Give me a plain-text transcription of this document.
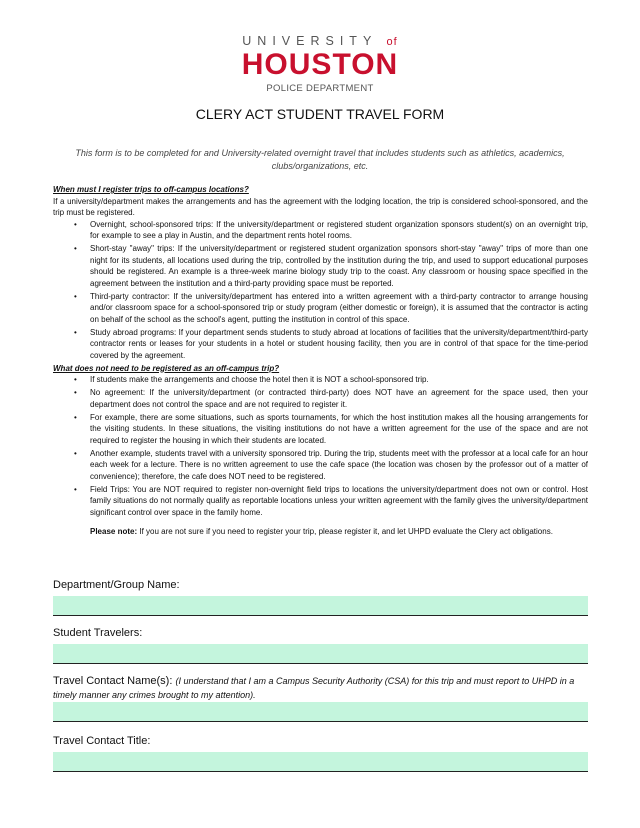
UNIVERSITY of
HOUSTON
POLICE DEPARTMENT
CLERY ACT STUDENT TRAVEL FORM
This form is to be completed for and University-related overnight travel that includes students such as athletics, academics, clubs/organizations, etc.
When must I register trips to off-campus locations?

If a university/department makes the arrangements and has the agreement with the lodging location, the trip is considered school-sponsored, and the trip must be registered.

• Overnight, school-sponsored trips: If the university/department or registered student organization sponsors student(s) on an overnight trip, for example to see a play in Austin, and the department rents hotel rooms.
• Short-stay "away" trips: If the university/department or registered student organization sponsors short-stay "away" trips of more than one night for its students, all locations used during the trip, controlled by the institution during the trip, and used to support educational purposes should be registered. An example is a three-week marine biology study trip to the coast. Any classroom or housing space specified in the agreement between the institution and a third-party providing space must be reported.
• Third-party contractor: If the university/department has entered into a written agreement with a third-party contractor to arrange housing and/or classroom space for a school-sponsored trip or study program (either domestic or foreign), it is assumed that the contractor is acting on behalf of the school as the school's agent, putting the institution in control of this space.
• Study abroad programs: If your department sends students to study abroad at locations of facilities that the university/department/third-party contractor rents or leases for your students in a hotel or student housing facility, then you are in control of that space for the time-period covered by the agreement.
What does not need to be registered as an off-campus trip?
• If students make the arrangements and choose the hotel then it is NOT a school-sponsored trip.
• No agreement: If the university/department (or contracted third-party) does NOT have an agreement for the space used, then your department does not control the space and are not required to register it.
• For example, there are some situations, such as sports tournaments, for which the host institution makes all the housing arrangements for the visiting students. In these situations, the visiting institutions do not have a written agreement for the use of the space and are not required to register the housing in which their students are located.
• Another example, students travel with a university sponsored trip. During the trip, students meet with the professor at a local cafe for an hour each week for a lecture. There is no written agreement to use the cafe space (the location was chosen by the professor out of a matter of convenience); therefore, the cafe does NOT need to be registered.
• Field Trips: You are NOT required to register non-overnight field trips to locations the university/department does not own or control. Host family situations do not normally qualify as reportable locations unless your written agreement with the family gives the university/department significant control over space in the family home.
Please note: If you are not sure if you need to register your trip, please register it, and let UHPD evaluate the Clery act obligations.
Department/Group Name:
Student Travelers:
Travel Contact Name(s): (I understand that I am a Campus Security Authority (CSA) for this trip and must report to UHPD in a timely manner any crimes brought to my attention).
Travel Contact Title:
